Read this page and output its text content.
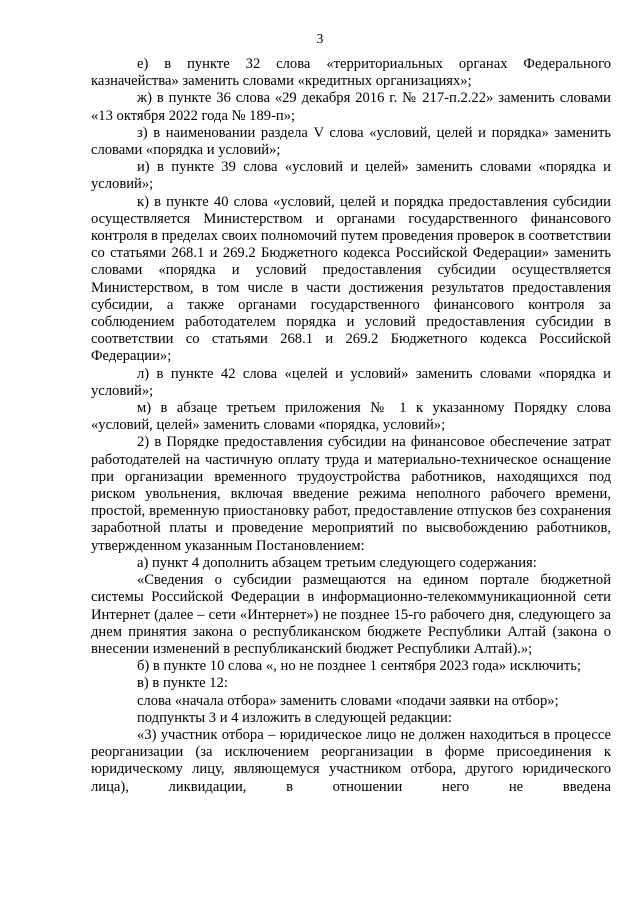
3

е) в пункте 32 слова «территориальных органах Федерального казначейства» заменить словами «кредитных организациях»;

ж) в пункте 36 слова «29 декабря 2016 г. № 217-п.2.22» заменить словами «13 октября 2022 года № 189-п»;

з) в наименовании раздела V слова «условий, целей и порядка» заменить словами «порядка и условий»;

и) в пункте 39 слова «условий и целей» заменить словами «порядка и условий»;

к) в пункте 40 слова «условий, целей и порядка предоставления субсидии осуществляется Министерством и органами государственного финансового контроля в пределах своих полномочий путем проведения проверок в соответствии со статьями 268.1 и 269.2 Бюджетного кодекса Российской Федерации» заменить словами «порядка и условий предоставления субсидии осуществляется Министерством, в том числе в части достижения результатов предоставления субсидии, а также органами государственного финансового контроля за соблюдением работодателем порядка и условий предоставления субсидии в соответствии со статьями 268.1 и 269.2 Бюджетного кодекса Российской Федерации»;

л) в пункте 42 слова «целей и условий» заменить словами «порядка и условий»;

м) в абзаце третьем приложения № 1 к указанному Порядку слова «условий, целей» заменить словами «порядка, условий»;

2) в Порядке предоставления субсидии на финансовое обеспечение затрат работодателей на частичную оплату труда и материально-техническое оснащение при организации временного трудоустройства работников, находящихся под риском увольнения, включая введение режима неполного рабочего времени, простой, временную приостановку работ, предоставление отпусков без сохранения заработной платы и проведение мероприятий по высвобождению работников, утвержденном указанным Постановлением:

а) пункт 4 дополнить абзацем третьим следующего содержания:

«Сведения о субсидии размещаются на едином портале бюджетной системы Российской Федерации в информационно-телекоммуникационной сети Интернет (далее – сети «Интернет») не позднее 15-го рабочего дня, следующего за днем принятия закона о республиканском бюджете Республики Алтай (закона о внесении изменений в республиканский бюджет Республики Алтай).»;

б) в пункте 10 слова «, но не позднее 1 сентября 2023 года» исключить;

в) в пункте 12:

слова «начала отбора» заменить словами «подачи заявки на отбор»;

подпункты 3 и 4 изложить в следующей редакции:

«3) участник отбора – юридическое лицо не должен находиться в процессе реорганизации (за исключением реорганизации в форме присоединения к юридическому лицу, являющемуся участником отбора, другого юридического лица), ликвидации, в отношении него не введена
